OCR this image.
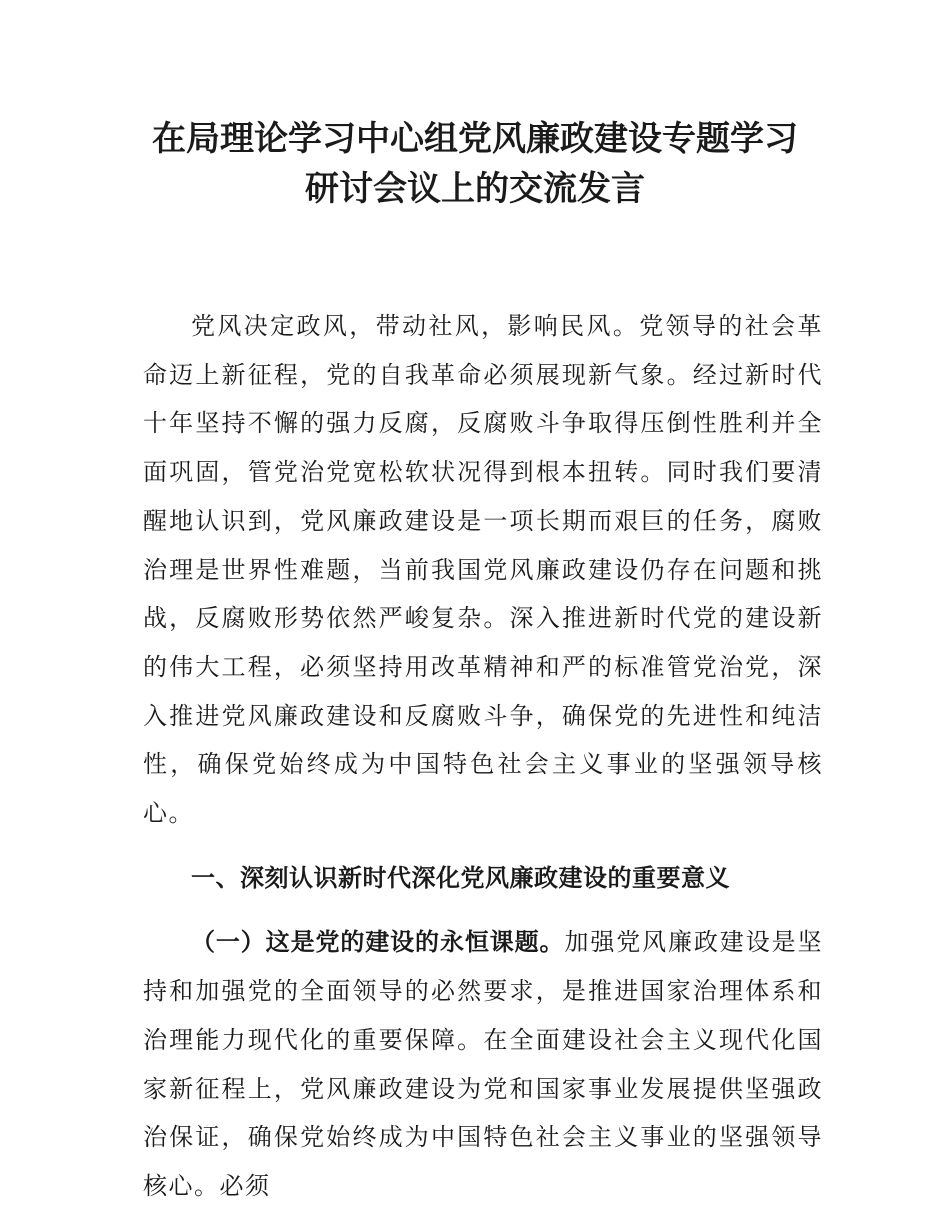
在局理论学习中心组党风廉政建设专题学习
研讨会议上的交流发言

党风决定政风，带动社风，影响民风。党领导的社会革命迈上新征程，党的自我革命必须展现新气象。经过新时代十年坚持不懈的强力反腐，反腐败斗争取得压倒性胜利并全面巩固，管党治党宽松软状况得到根本扭转。同时我们要清醒地认识到，党风廉政建设是一项长期而艰巨的任务，腐败治理是世界性难题，当前我国党风廉政建设仍存在问题和挑战，反腐败形势依然严峻复杂。深入推进新时代党的建设新的伟大工程，必须坚持用改革精神和严的标准管党治党，深入推进党风廉政建设和反腐败斗争，确保党的先进性和纯洁性，确保党始终成为中国特色社会主义事业的坚强领导核心。

一、深刻认识新时代深化党风廉政建设的重要意义

（一）这是党的建设的永恒课题。加强党风廉政建设是坚持和加强党的全面领导的必然要求，是推进国家治理体系和治理能力现代化的重要保障。在全面建设社会主义现代化国家新征程上，党风廉政建设为党和国家事业发展提供坚强政治保证，确保党始终成为中国特色社会主义事业的坚强领导核心。必须
